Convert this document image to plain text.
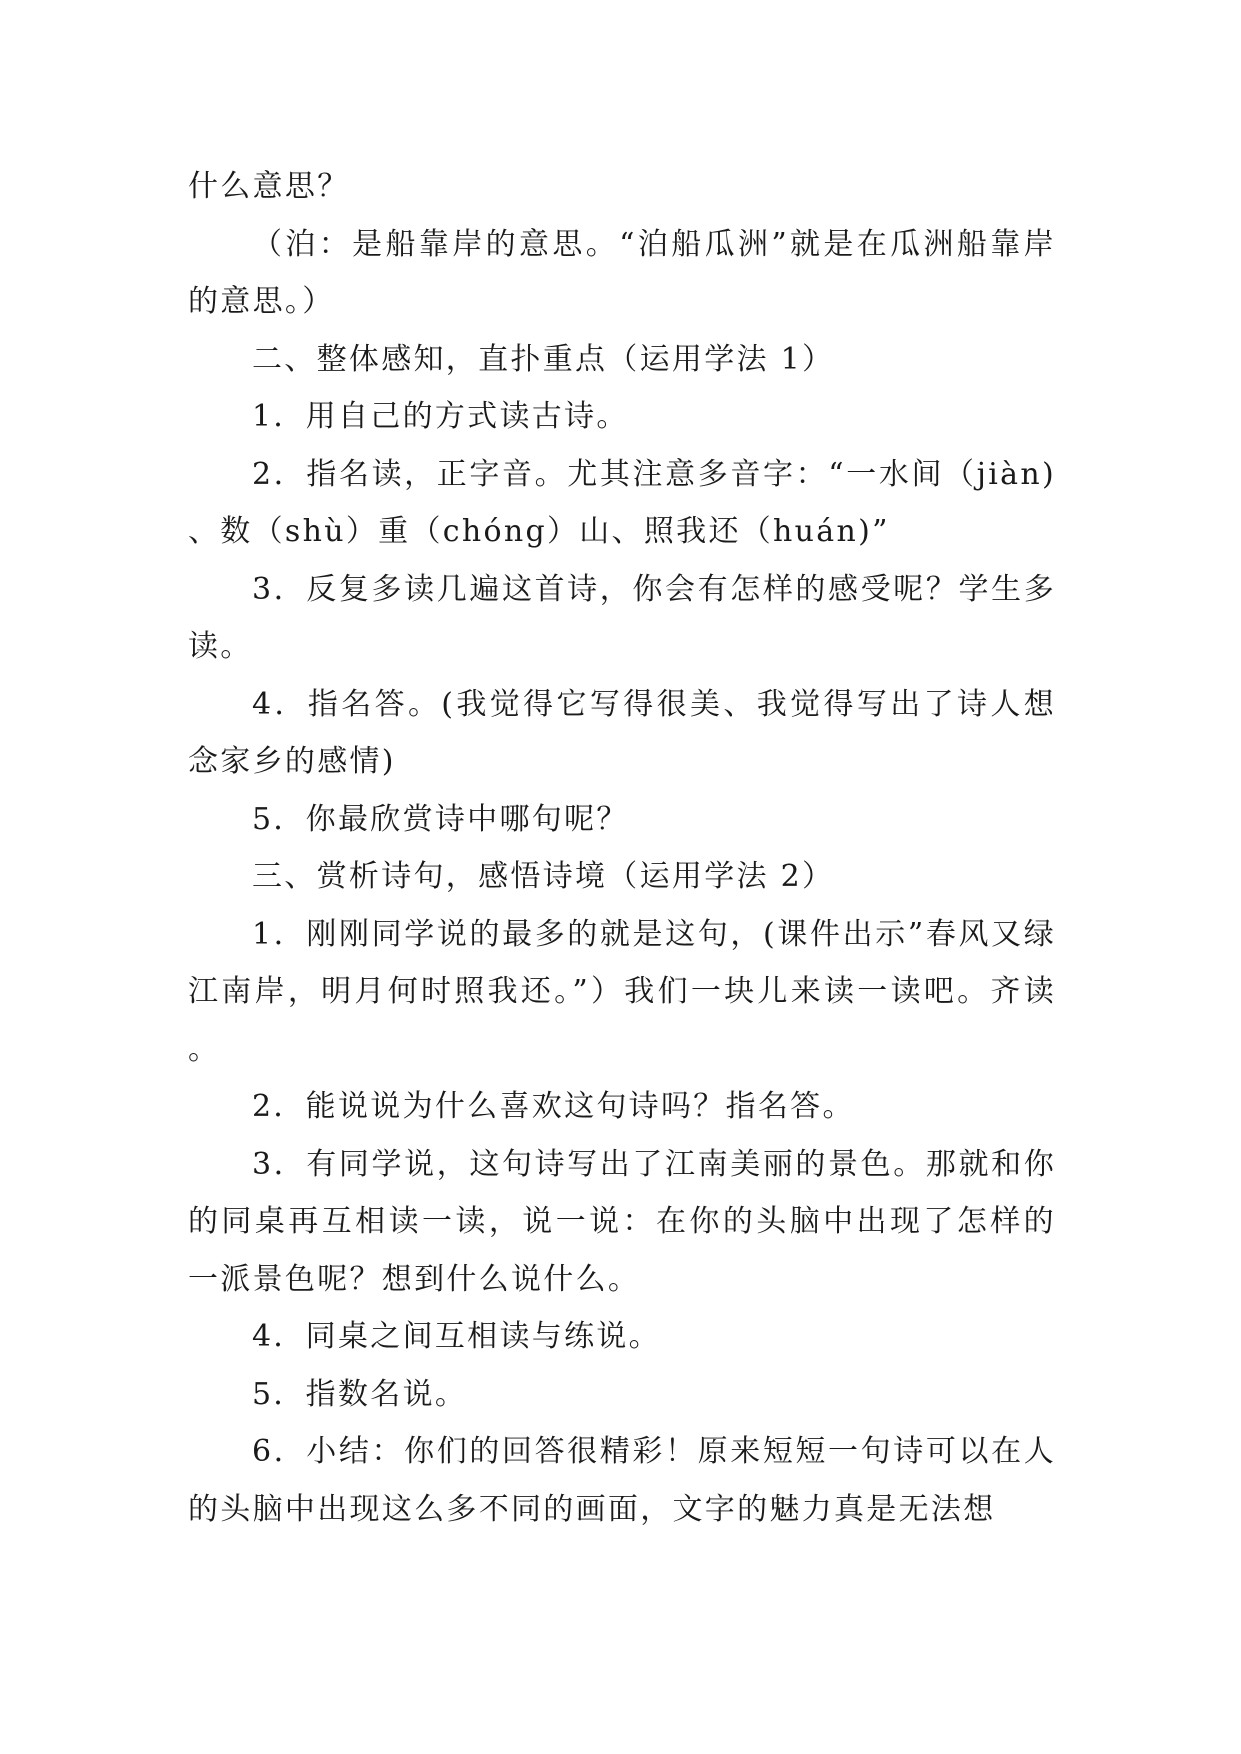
什么意思？

（泊：是船靠岸的意思。“泊船瓜洲”就是在瓜洲船靠岸的意思。）

二、整体感知，直扑重点（运用学法 1）

1．用自己的方式读古诗。

2．指名读，正字音。尤其注意多音字：“一水间（jiàn)、数（shù）重（chóng）山、照我还（huán)”

3．反复多读几遍这首诗，你会有怎样的感受呢？学生多读。

4．指名答。(我觉得它写得很美、我觉得写出了诗人想念家乡的感情)

5．你最欣赏诗中哪句呢？

三、赏析诗句，感悟诗境（运用学法 2）

1．刚刚同学说的最多的就是这句，(课件出示”春风又绿江南岸，明月何时照我还。”）我们一块儿来读一读吧。齐读。

2．能说说为什么喜欢这句诗吗？指名答。

3．有同学说，这句诗写出了江南美丽的景色。那就和你的同桌再互相读一读，说一说：在你的头脑中出现了怎样的一派景色呢？想到什么说什么。

4．同桌之间互相读与练说。

5．指数名说。

6．小结：你们的回答很精彩！原来短短一句诗可以在人的头脑中出现这么多不同的画面，文字的魅力真是无法想
